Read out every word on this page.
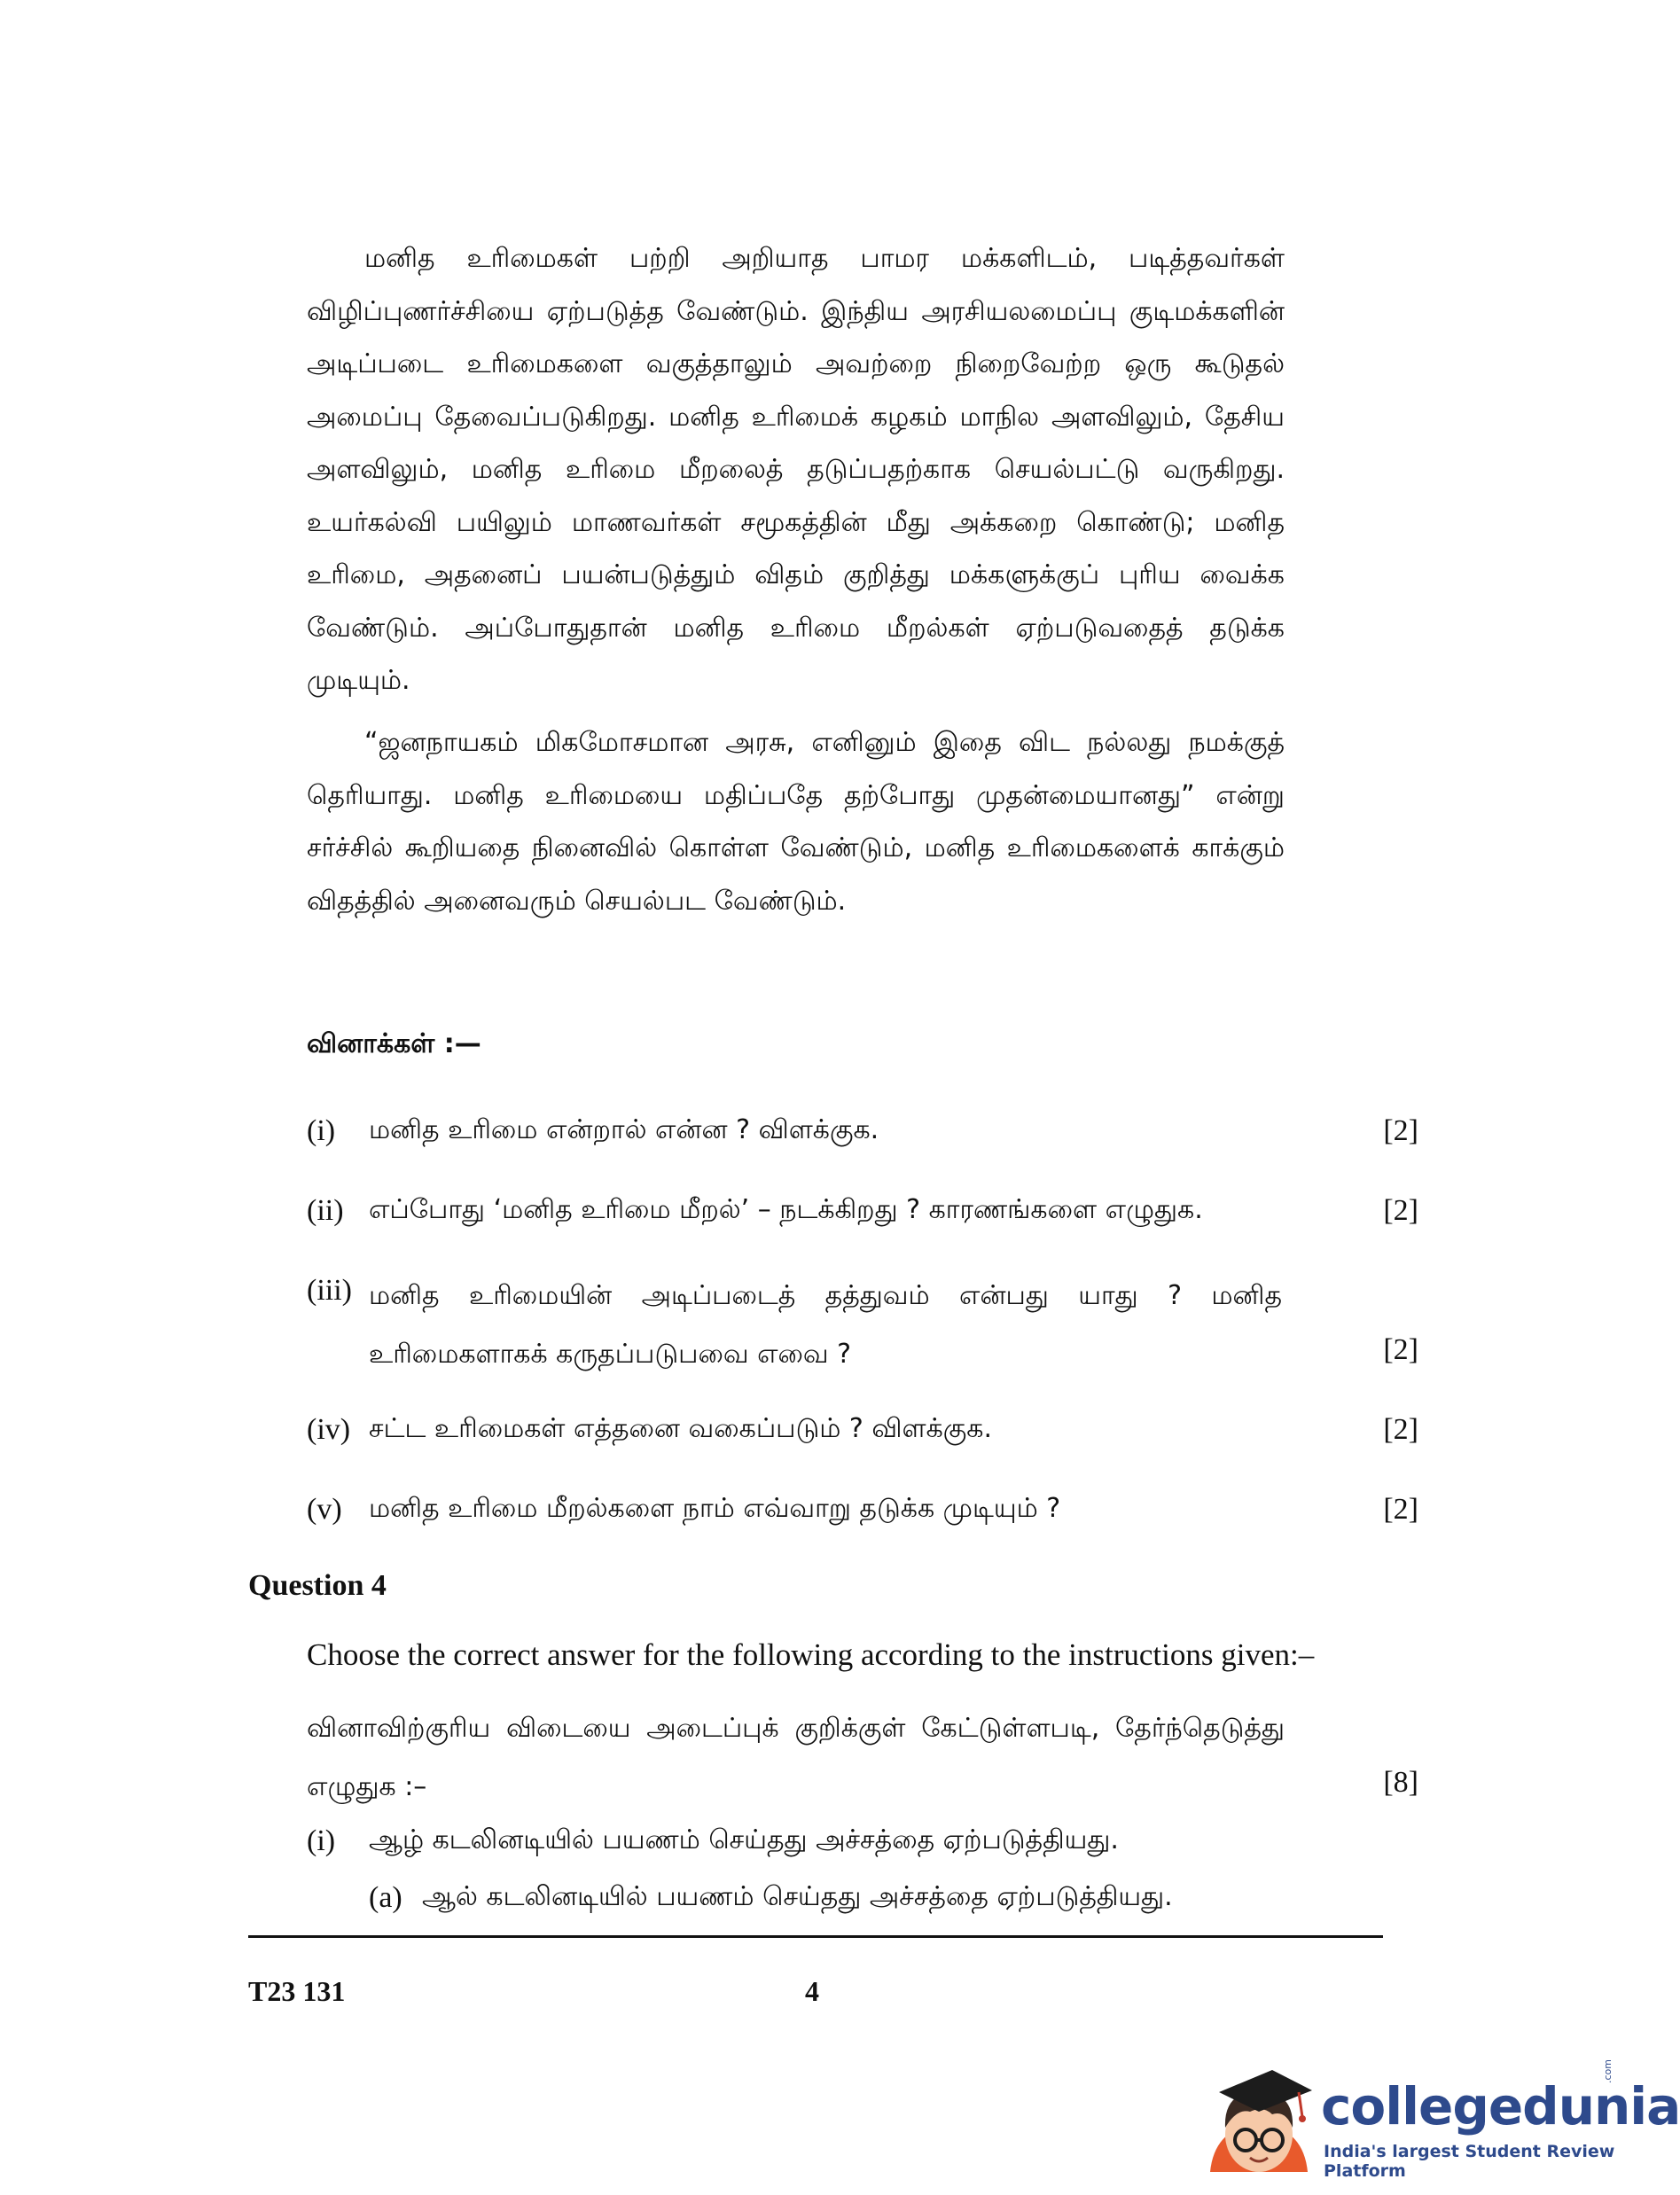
மனித உரிமைகள் பற்றி அறியாத பாமர மக்களிடம், படித்தவர்கள் விழிப்புணர்ச்சியை ஏற்படுத்த வேண்டும். இந்திய அரசியலமைப்பு குடிமக்களின் அடிப்படை உரிமைகளை வகுத்தாலும் அவற்றை நிறைவேற்ற ஒரு கூடுதல் அமைப்பு தேவைப்படுகிறது. மனித உரிமைக் கழகம் மாநில அளவிலும், தேசிய அளவிலும், மனித உரிமை மீறலைத் தடுப்பதற்காக செயல்பட்டு வருகிறது. உயர்கல்வி பயிலும் மாணவர்கள் சமூகத்தின் மீது அக்கறை கொண்டு; மனித உரிமை, அதனைப் பயன்படுத்தும் விதம் குறித்து மக்களுக்குப் புரிய வைக்க வேண்டும். அப்போதுதான் மனித உரிமை மீறல்கள் ஏற்படுவதைத் தடுக்க முடியும்.

“ஜனநாயகம் மிகமோசமான அரசு, எனினும் இதை விட நல்லது நமக்குத் தெரியாது. மனித உரிமையை மதிப்பதே தற்போது முதன்மையானது” என்று சர்ச்சில் கூறியதை நினைவில் கொள்ள வேண்டும், மனித உரிமைகளைக் காக்கும் விதத்தில் அனைவரும் செயல்பட வேண்டும்.

வினாக்கள் :—
(i) மனித உரிமை என்றால் என்ன ? விளக்குக.	[2]
(ii) எப்போது ‘மனித உரிமை மீறல்’ – நடக்கிறது ? காரணங்களை எழுதுக.	[2]
(iii) மனித உரிமையின் அடிப்படைத் தத்துவம் என்பது யாது ? மனித உரிமைகளாகக் கருதப்படுபவை எவை ?	[2]
(iv) சட்ட உரிமைகள் எத்தனை வகைப்படும் ? விளக்குக.	[2]
(v) மனித உரிமை மீறல்களை நாம் எவ்வாறு தடுக்க முடியும் ?	[2]
Question 4
Choose the correct answer for the following according to the instructions given:–
வினாவிற்குரிய விடையை அடைப்புக் குறிக்குள் கேட்டுள்ளபடி, தேர்ந்தெடுத்து எழுதுக :–	[8]
(i) ஆழ் கடலினடியில் பயணம் செய்தது அச்சத்தை ஏற்படுத்தியது.
(a) ஆல் கடலினடியில் பயணம் செய்தது அச்சத்தை ஏற்படுத்தியது.
T23 131	4
collegedunia
.com
India's largest Student Review Platform
